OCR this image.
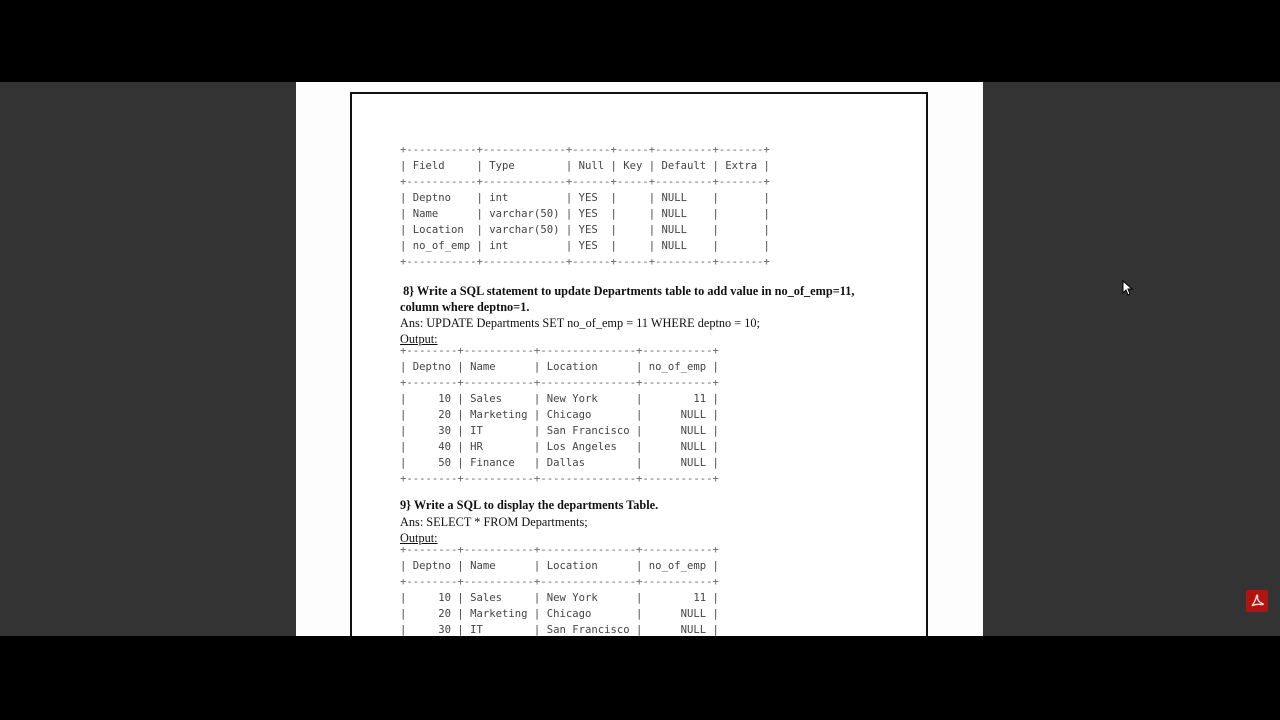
+-----------+-------------+------+-----+---------+-------+
| Field     | Type        | Null | Key | Default | Extra |
+-----------+-------------+------+-----+---------+-------+
| Deptno    | int         | YES  |     | NULL    |       |
| Name      | varchar(50) | YES  |     | NULL    |       |
| Location  | varchar(50) | YES  |     | NULL    |       |
| no_of_emp | int         | YES  |     | NULL    |       |
+-----------+-------------+------+-----+---------+-------+

8} Write a SQL statement to update Departments table to add value in no_of_emp=11,

column where deptno=1.

Ans: UPDATE Departments SET no_of_emp = 11 WHERE deptno = 10;

Output:

+--------+-----------+---------------+-----------+
| Deptno | Name      | Location      | no_of_emp |
+--------+-----------+---------------+-----------+
|     10 | Sales     | New York      |        11 |
|     20 | Marketing | Chicago       |      NULL |
|     30 | IT        | San Francisco |      NULL |
|     40 | HR        | Los Angeles   |      NULL |
|     50 | Finance   | Dallas        |      NULL |
+--------+-----------+---------------+-----------+

9} Write a SQL to display the departments Table.

Ans: SELECT * FROM Departments;

Output:

+--------+-----------+---------------+-----------+
| Deptno | Name      | Location      | no_of_emp |
+--------+-----------+---------------+-----------+
|     10 | Sales     | New York      |        11 |
|     20 | Marketing | Chicago       |      NULL |
|     30 | IT        | San Francisco |      NULL |
